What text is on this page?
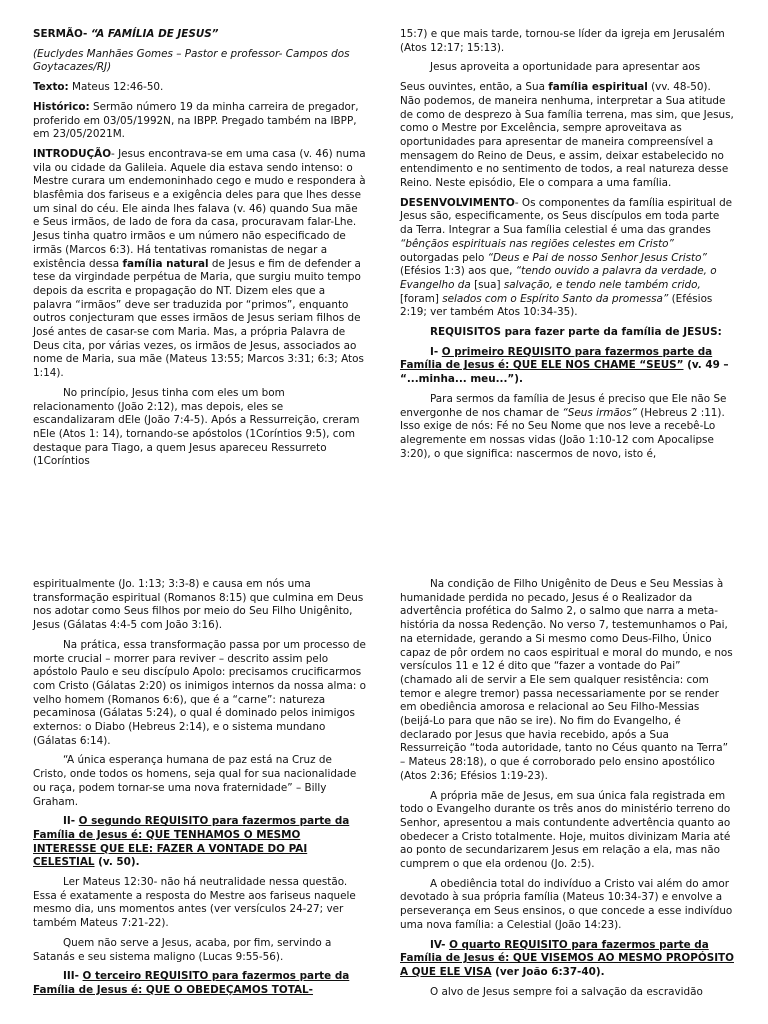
SERMÃO- “A FAMÍLIA DE JESUS”

(Euclydes Manhães Gomes – Pastor e professor- Campos dos Goytacazes/RJ)

Texto: Mateus 12:46-50.

Histórico: Sermão número 19 da minha carreira de pregador, proferido em 03/05/1992N, na IBPP. Pregado também na IBPP, em 23/05/2021M.

INTRODUÇÃO- Jesus encontrava-se em uma casa (v. 46) numa vila ou cidade da Galileia. Aquele dia estava sendo intenso: o Mestre curara um endemoninhado cego e mudo e respondera à blasfêmia dos fariseus e a exigência deles para que lhes desse um sinal do céu. Ele ainda lhes falava (v. 46) quando Sua mãe e Seus irmãos, de lado de fora da casa, procuravam falar-Lhe. Jesus tinha quatro irmãos e um número não especificado de irmãs (Marcos 6:3). Há tentativas romanistas de negar a existência dessa família natural de Jesus e fim de defender a tese da virgindade perpétua de Maria, que surgiu muito tempo depois da escrita e propagação do NT. Dizem eles que a palavra “irmãos” deve ser traduzida por “primos”, enquanto outros conjecturam que esses irmãos de Jesus seriam filhos de José antes de casar-se com Maria. Mas, a própria Palavra de Deus cita, por várias vezes, os irmãos de Jesus, associados ao nome de Maria, sua mãe (Mateus 13:55; Marcos 3:31; 6:3; Atos 1:14).

No princípio, Jesus tinha com eles um bom relacionamento (João 2:12), mas depois, eles se escandalizaram dEle (João 7:4-5). Após a Ressurreição, creram nEle (Atos 1: 14), tornando-se apóstolos (1Coríntios 9:5), com destaque para Tiago, a quem Jesus apareceu Ressurreto (1Coríntios

15:7) e que mais tarde, tornou-se líder da igreja em Jerusalém (Atos 12:17; 15:13).

Jesus aproveita a oportunidade para apresentar aos

Seus ouvintes, então, a Sua família espiritual (vv. 48-50). Não podemos, de maneira nenhuma, interpretar a Sua atitude de como de desprezo à Sua família terrena, mas sim, que Jesus, como o Mestre por Excelência, sempre aproveitava as oportunidades para apresentar de maneira compreensível a mensagem do Reino de Deus, e assim, deixar estabelecido no entendimento e no sentimento de todos, a real natureza desse Reino. Neste episódio, Ele o compara a uma família.

DESENVOLVIMENTO- Os componentes da família espiritual de Jesus são, especificamente, os Seus discípulos em toda parte da Terra. Integrar a Sua família celestial é uma das grandes “bênçãos espirituais nas regiões celestes em Cristo” outorgadas pelo “Deus e Pai de nosso Senhor Jesus Cristo” (Efésios 1:3) aos que, “tendo ouvido a palavra da verdade, o Evangelho da [sua] salvação, e tendo nele também crido, [foram] selados com o Espírito Santo da promessa” (Efésios 2:19; ver também Atos 10:34-35).

REQUISITOS para fazer parte da família de JESUS:

I- O primeiro REQUISITO para fazermos parte da Família de Jesus é: QUE ELE NOS CHAME “SEUS” (v. 49 – “...minha... meu...”).

Para sermos da família de Jesus é preciso que Ele não Se envergonhe de nos chamar de “Seus irmãos” (Hebreus 2 :11). Isso exige de nós: Fé no Seu Nome que nos leve a recebê-Lo alegremente em nossas vidas (João 1:10-12 com Apocalipse 3:20), o que significa: nascermos de novo, isto é,

espiritualmente (Jo. 1:13; 3:3-8) e causa em nós uma transformação espiritual (Romanos 8:15) que culmina em Deus nos adotar como Seus filhos por meio do Seu Filho Unigênito, Jesus (Gálatas 4:4-5 com João 3:16).

Na prática, essa transformação passa por um processo de morte crucial – morrer para reviver – descrito assim pelo apóstolo Paulo e seu discípulo Apolo: precisamos crucificarmos com Cristo (Gálatas 2:20) os inimigos internos da nossa alma: o velho homem (Romanos 6:6), que é a “carne”: natureza pecaminosa (Gálatas 5:24), o qual é dominado pelos inimigos externos: o Diabo (Hebreus 2:14), e o sistema mundano (Gálatas 6:14).

“A única esperança humana de paz está na Cruz de Cristo, onde todos os homens, seja qual for sua nacionalidade ou raça, podem tornar-se uma nova fraternidade” – Billy Graham.

II- O segundo REQUISITO para fazermos parte da Família de Jesus é: QUE TENHAMOS O MESMO INTERESSE QUE ELE: FAZER A VONTADE DO PAI CELESTIAL (v. 50).

Ler Mateus 12:30- não há neutralidade nessa questão. Essa é exatamente a resposta do Mestre aos fariseus naquele mesmo dia, uns momentos antes (ver versículos 24-27; ver também Mateus 7:21-22).

Quem não serve a Jesus, acaba, por fim, servindo a Satanás e seu sistema maligno (Lucas 9:55-56).

III- O terceiro REQUISITO para fazermos parte da Família de Jesus é: QUE O OBEDEÇAMOS TOTAL-

Na condição de Filho Unigênito de Deus e Seu Messias à humanidade perdida no pecado, Jesus é o Realizador da advertência profética do Salmo 2, o salmo que narra a meta-história da nossa Redenção. No verso 7, testemunhamos o Pai, na eternidade, gerando a Si mesmo como Deus-Filho, Único capaz de pôr ordem no caos espiritual e moral do mundo, e nos versículos 11 e 12 é dito que “fazer a vontade do Pai” (chamado ali de servir a Ele sem qualquer resistência: com temor e alegre tremor) passa necessariamente por se render em obediência amorosa e relacional ao Seu Filho-Messias (beijá-Lo para que não se ire). No fim do Evangelho, é declarado por Jesus que havia recebido, após a Sua Ressurreição “toda autoridade, tanto no Céus quanto na Terra” – Mateus 28:18), o que é corroborado pelo ensino apostólico (Atos 2:36; Efésios 1:19-23).

A própria mãe de Jesus, em sua única fala registrada em todo o Evangelho durante os três anos do ministério terreno do Senhor, apresentou a mais contundente advertência quanto ao obedecer a Cristo totalmente. Hoje, muitos divinizam Maria até ao ponto de secundarizarem Jesus em relação a ela, mas não cumprem o que ela ordenou (Jo. 2:5).

A obediência total do indivíduo a Cristo vai além do amor devotado à sua própria família (Mateus 10:34-37) e envolve a perseverança em Seus ensinos, o que concede a esse indivíduo uma nova família: a Celestial (João 14:23).

IV- O quarto REQUISITO para fazermos parte da Família de Jesus é: QUE VISEMOS AO MESMO PROPÓSITO A QUE ELE VISA (ver João 6:37-40).

O alvo de Jesus sempre foi a salvação da escravidão
